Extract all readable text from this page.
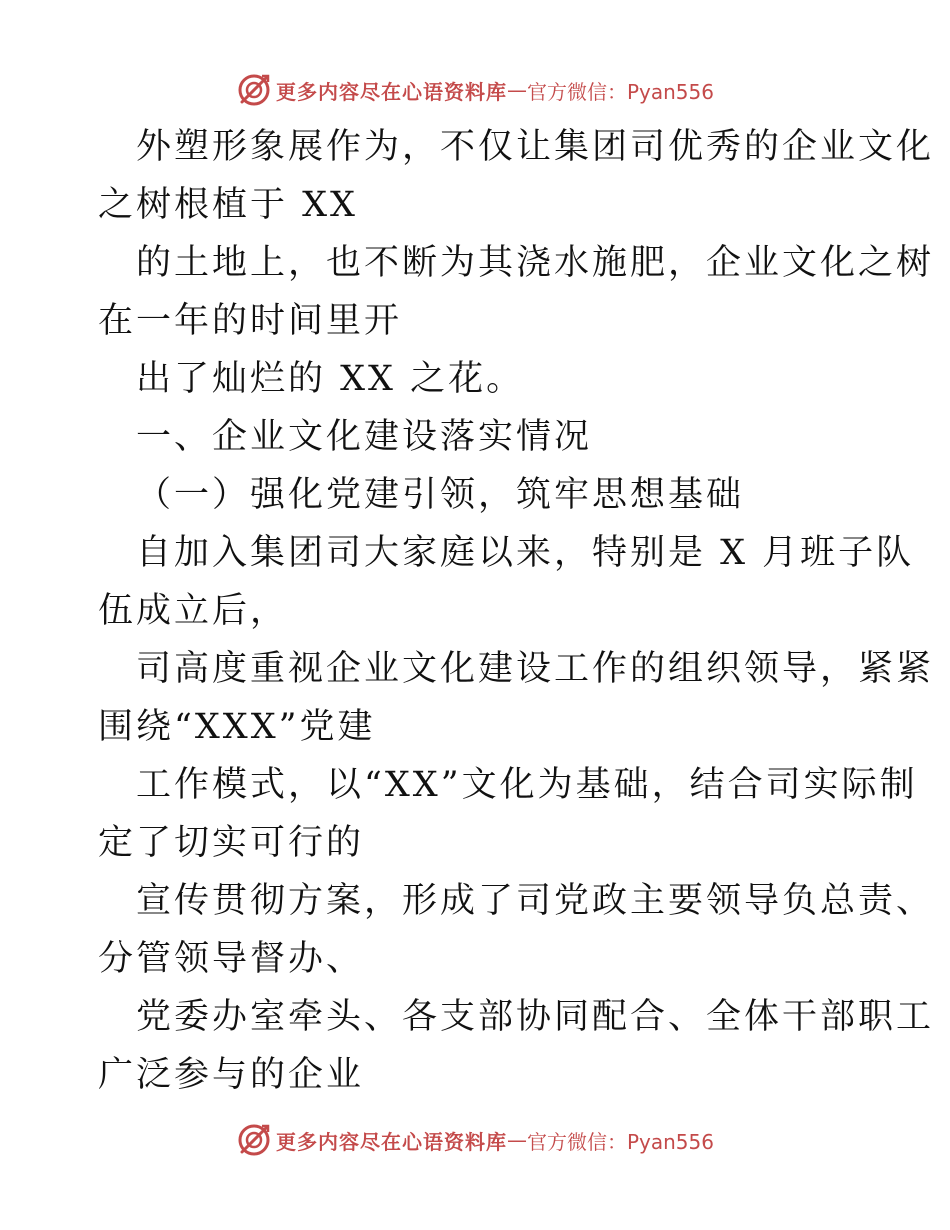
更多内容尽在心语资料库 — 官方微信：Pyan556
外塑形象展作为，不仅让集团司优秀的企业文化
之树根植于 XX
的土地上，也不断为其浇水施肥，企业文化之树
在一年的时间里开
出了灿烂的 XX 之花。
一、企业文化建设落实情况
（一）强化党建引领，筑牢思想基础
自加入集团司大家庭以来，特别是 X 月班子队
伍成立后，
司高度重视企业文化建设工作的组织领导，紧紧
围绕“XXX”党建
工作模式，以“XX”文化为基础，结合司实际制
定了切实可行的
宣传贯彻方案，形成了司党政主要领导负总责、
分管领导督办、
党委办室牵头、各支部协同配合、全体干部职工
广泛参与的企业
更多内容尽在心语资料库 — 官方微信：Pyan556
